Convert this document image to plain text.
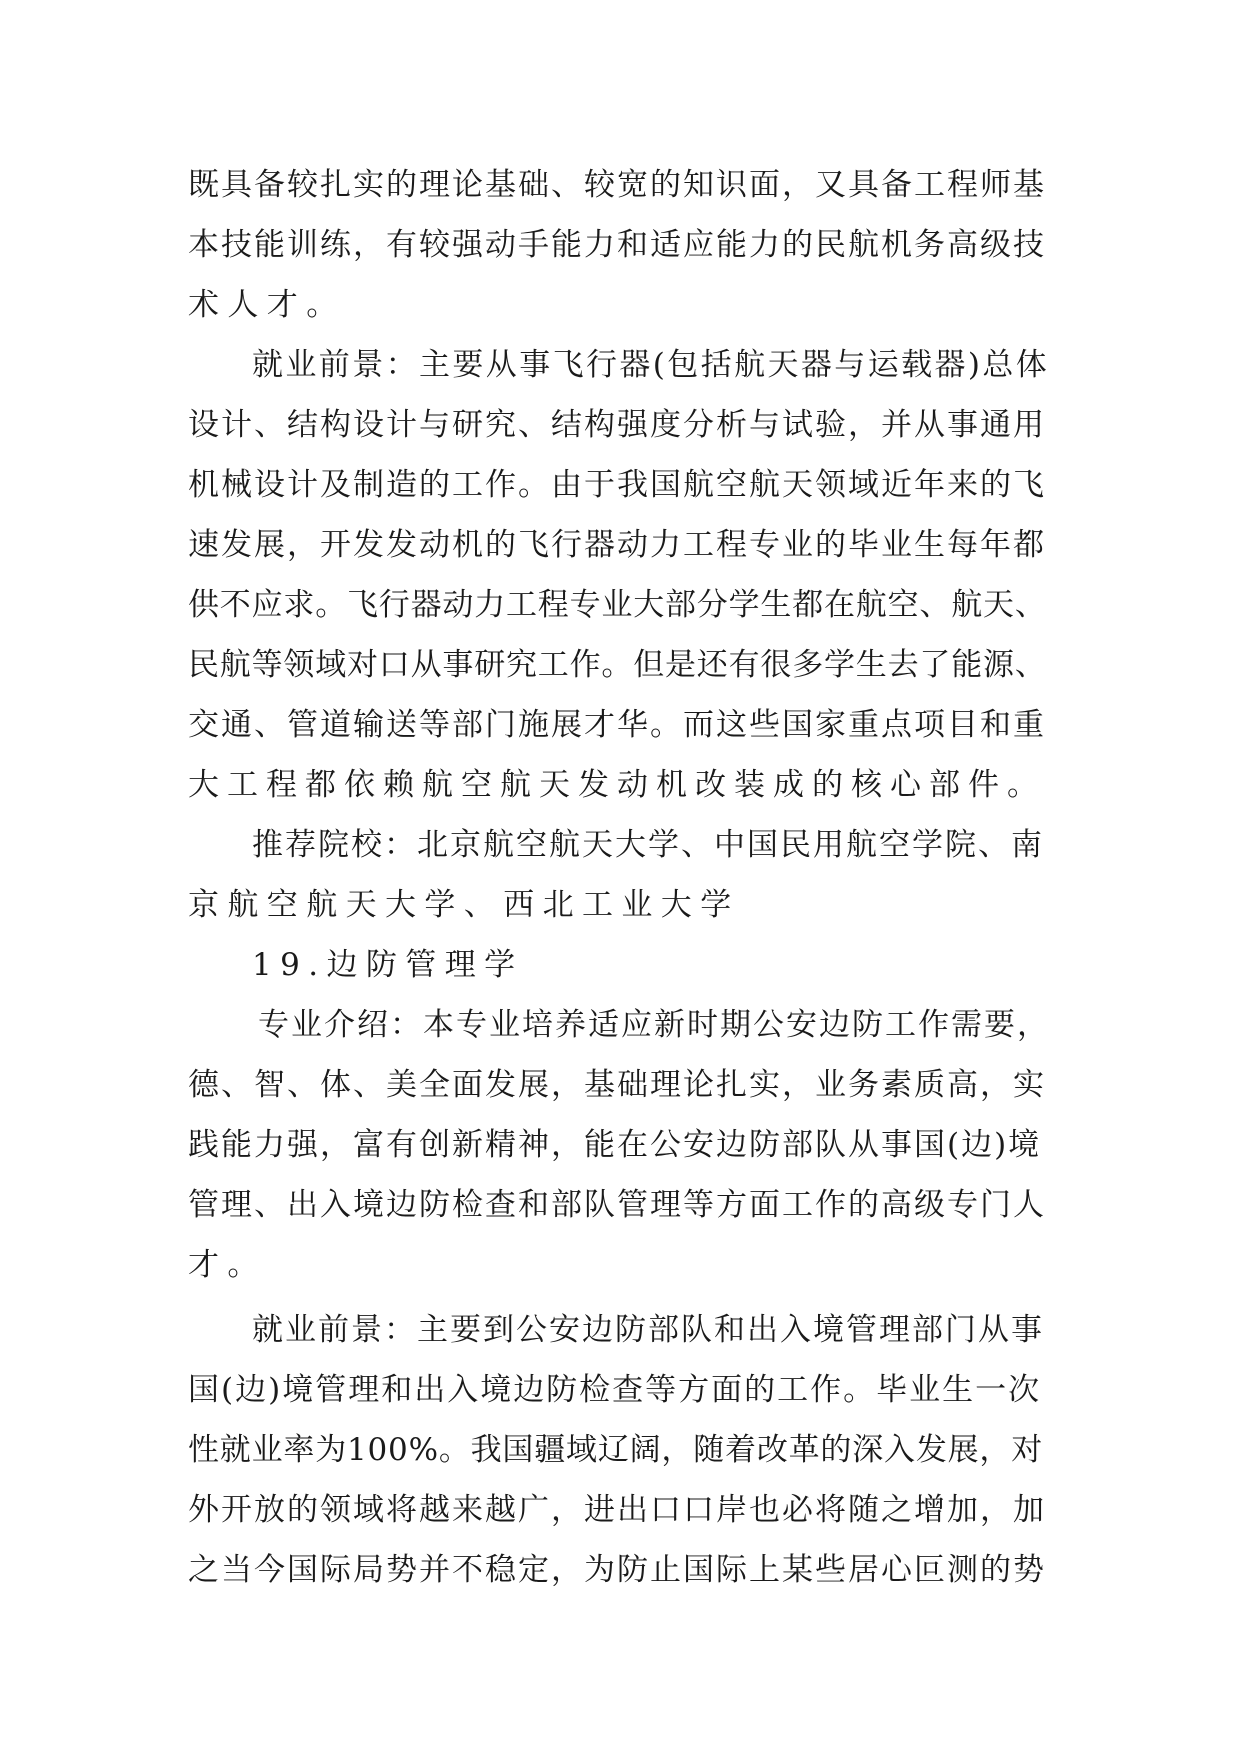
既具备较扎实的理论基础、较宽的知识面，又具备工程师基
本技能训练，有较强动手能力和适应能力的民航机务高级技
术人才。
就业前景：主要从事飞行器(包括航天器与运载器)总体
设计、结构设计与研究、结构强度分析与试验，并从事通用
机械设计及制造的工作。由于我国航空航天领域近年来的飞
速发展，开发发动机的飞行器动力工程专业的毕业生每年都
供不应求。飞行器动力工程专业大部分学生都在航空、航天、
民航等领域对口从事研究工作。但是还有很多学生去了能源、
交通、管道输送等部门施展才华。而这些国家重点项目和重
大工程都依赖航空航天发动机改装成的核心部件。
推荐院校：北京航空航天大学、中国民用航空学院、南
京航空航天大学、西北工业大学
19.边防管理学
专业介绍：本专业培养适应新时期公安边防工作需要，
德、智、体、美全面发展，基础理论扎实，业务素质高，实
践能力强，富有创新精神，能在公安边防部队从事国(边)境
管理、出入境边防检查和部队管理等方面工作的高级专门人
才。
就业前景：主要到公安边防部队和出入境管理部门从事
国(边)境管理和出入境边防检查等方面的工作。毕业生一次
性就业率为100%。我国疆域辽阔，随着改革的深入发展，对
外开放的领域将越来越广，进出口口岸也必将随之增加，加
之当今国际局势并不稳定，为防止国际上某些居心叵测的势
